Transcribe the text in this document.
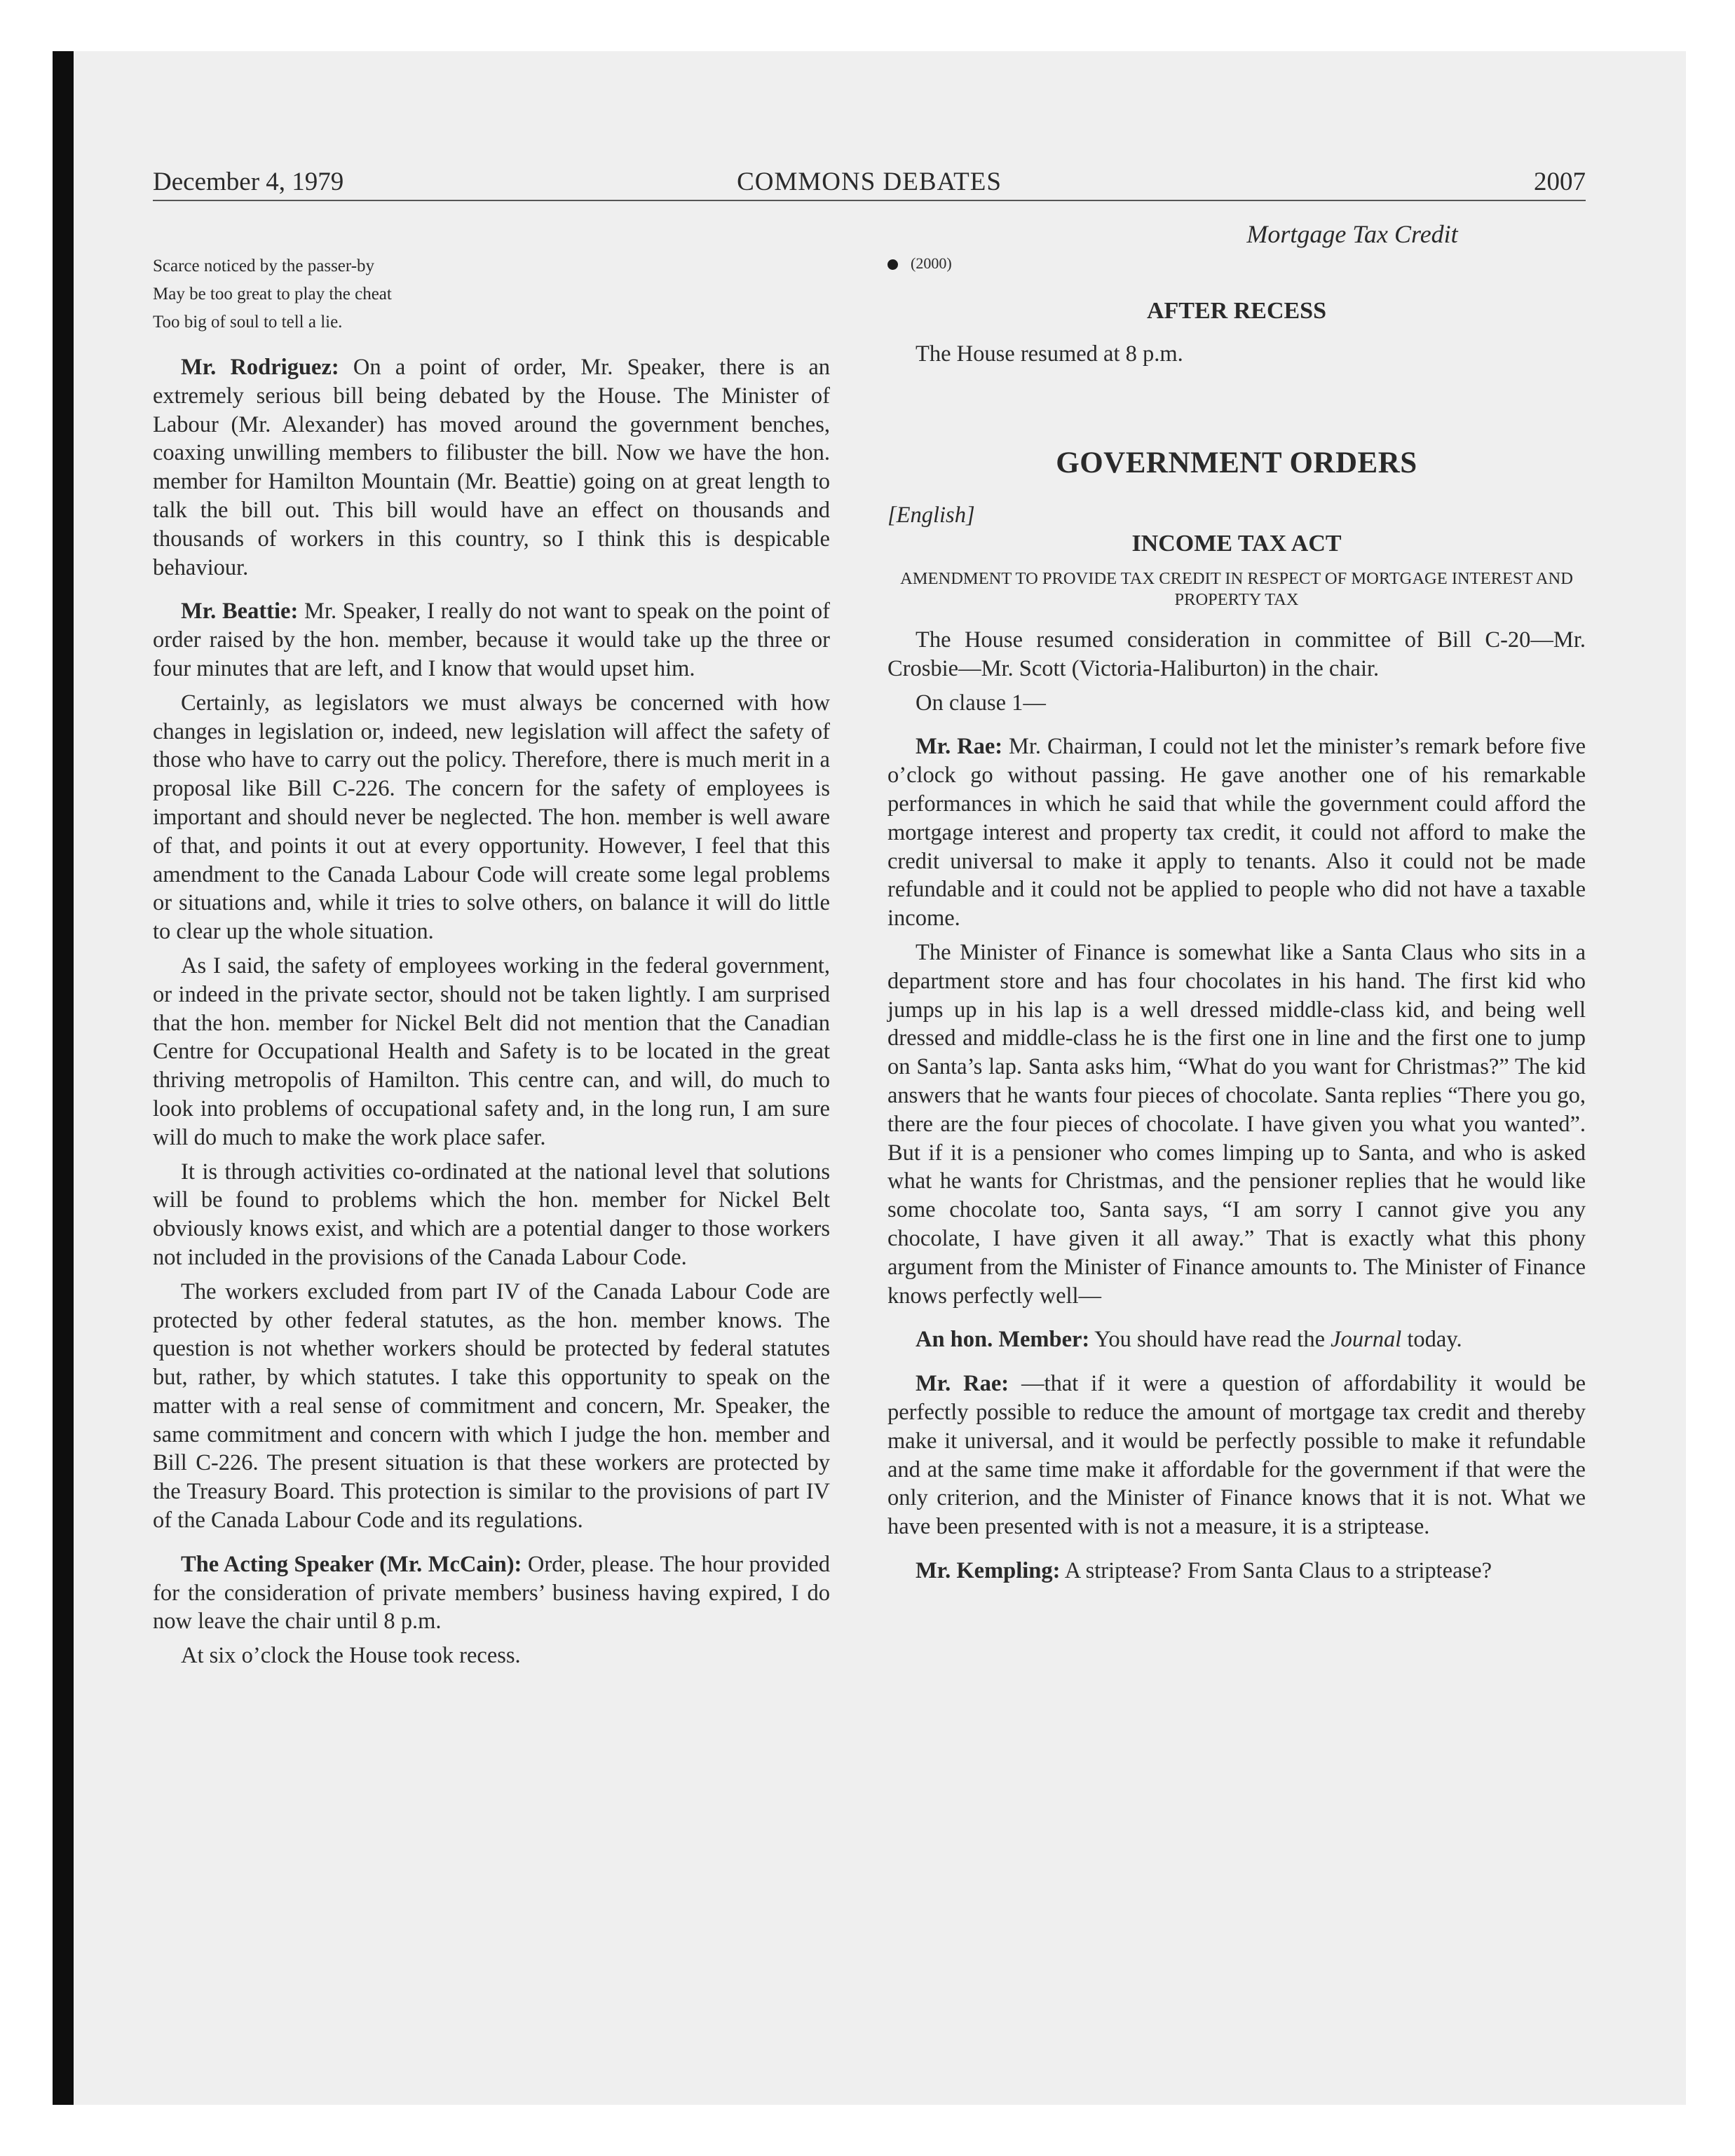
December 4, 1979	COMMONS DEBATES	2007
Scarce noticed by the passer-by
May be too great to play the cheat
Too big of soul to tell a lie.

Mr. Rodriguez: On a point of order, Mr. Speaker, there is an extremely serious bill being debated by the House. The Minister of Labour (Mr. Alexander) has moved around the government benches, coaxing unwilling members to filibuster the bill. Now we have the hon. member for Hamilton Mountain (Mr. Beattie) going on at great length to talk the bill out. This bill would have an effect on thousands and thousands of workers in this country, so I think this is despicable behaviour.

Mr. Beattie: Mr. Speaker, I really do not want to speak on the point of order raised by the hon. member, because it would take up the three or four minutes that are left, and I know that would upset him.

Certainly, as legislators we must always be concerned with how changes in legislation or, indeed, new legislation will affect the safety of those who have to carry out the policy. Therefore, there is much merit in a proposal like Bill C-226. The concern for the safety of employees is important and should never be neglected. The hon. member is well aware of that, and points it out at every opportunity. However, I feel that this amendment to the Canada Labour Code will create some legal problems or situations and, while it tries to solve others, on balance it will do little to clear up the whole situation.

As I said, the safety of employees working in the federal government, or indeed in the private sector, should not be taken lightly. I am surprised that the hon. member for Nickel Belt did not mention that the Canadian Centre for Occupational Health and Safety is to be located in the great thriving metropolis of Hamilton. This centre can, and will, do much to look into problems of occupational safety and, in the long run, I am sure will do much to make the work place safer.

It is through activities co-ordinated at the national level that solutions will be found to problems which the hon. member for Nickel Belt obviously knows exist, and which are a potential danger to those workers not included in the provisions of the Canada Labour Code.

The workers excluded from part IV of the Canada Labour Code are protected by other federal statutes, as the hon. member knows. The question is not whether workers should be protected by federal statutes but, rather, by which statutes. I take this opportunity to speak on the matter with a real sense of commitment and concern, Mr. Speaker, the same commitment and concern with which I judge the hon. member and Bill C-226. The present situation is that these workers are protected by the Treasury Board. This protection is similar to the provisions of part IV of the Canada Labour Code and its regulations.

The Acting Speaker (Mr. McCain): Order, please. The hour provided for the consideration of private members’ business having expired, I do now leave the chair until 8 p.m.

At six o’clock the House took recess.

Mortgage Tax Credit
(2000)
AFTER RECESS

The House resumed at 8 p.m.

GOVERNMENT ORDERS
[English]
INCOME TAX ACT
AMENDMENT TO PROVIDE TAX CREDIT IN RESPECT OF MORTGAGE INTEREST AND PROPERTY TAX

The House resumed consideration in committee of Bill C-20—Mr. Crosbie—Mr. Scott (Victoria-Haliburton) in the chair.

On clause 1—

Mr. Rae: Mr. Chairman, I could not let the minister’s remark before five o’clock go without passing. He gave another one of his remarkable performances in which he said that while the government could afford the mortgage interest and property tax credit, it could not afford to make the credit universal to make it apply to tenants. Also it could not be made refundable and it could not be applied to people who did not have a taxable income.

The Minister of Finance is somewhat like a Santa Claus who sits in a department store and has four chocolates in his hand. The first kid who jumps up in his lap is a well dressed middle-class kid, and being well dressed and middle-class he is the first one in line and the first one to jump on Santa’s lap. Santa asks him, “What do you want for Christmas?” The kid answers that he wants four pieces of chocolate. Santa replies “There you go, there are the four pieces of chocolate. I have given you what you wanted”. But if it is a pensioner who comes limping up to Santa, and who is asked what he wants for Christmas, and the pensioner replies that he would like some chocolate too, Santa says, “I am sorry I cannot give you any chocolate, I have given it all away.” That is exactly what this phony argument from the Minister of Finance amounts to. The Minister of Finance knows perfectly well—

An hon. Member: You should have read the Journal today.

Mr. Rae: —that if it were a question of affordability it would be perfectly possible to reduce the amount of mortgage tax credit and thereby make it universal, and it would be perfectly possible to make it refundable and at the same time make it affordable for the government if that were the only criterion, and the Minister of Finance knows that it is not. What we have been presented with is not a measure, it is a striptease.

Mr. Kempling: A striptease? From Santa Claus to a striptease?
